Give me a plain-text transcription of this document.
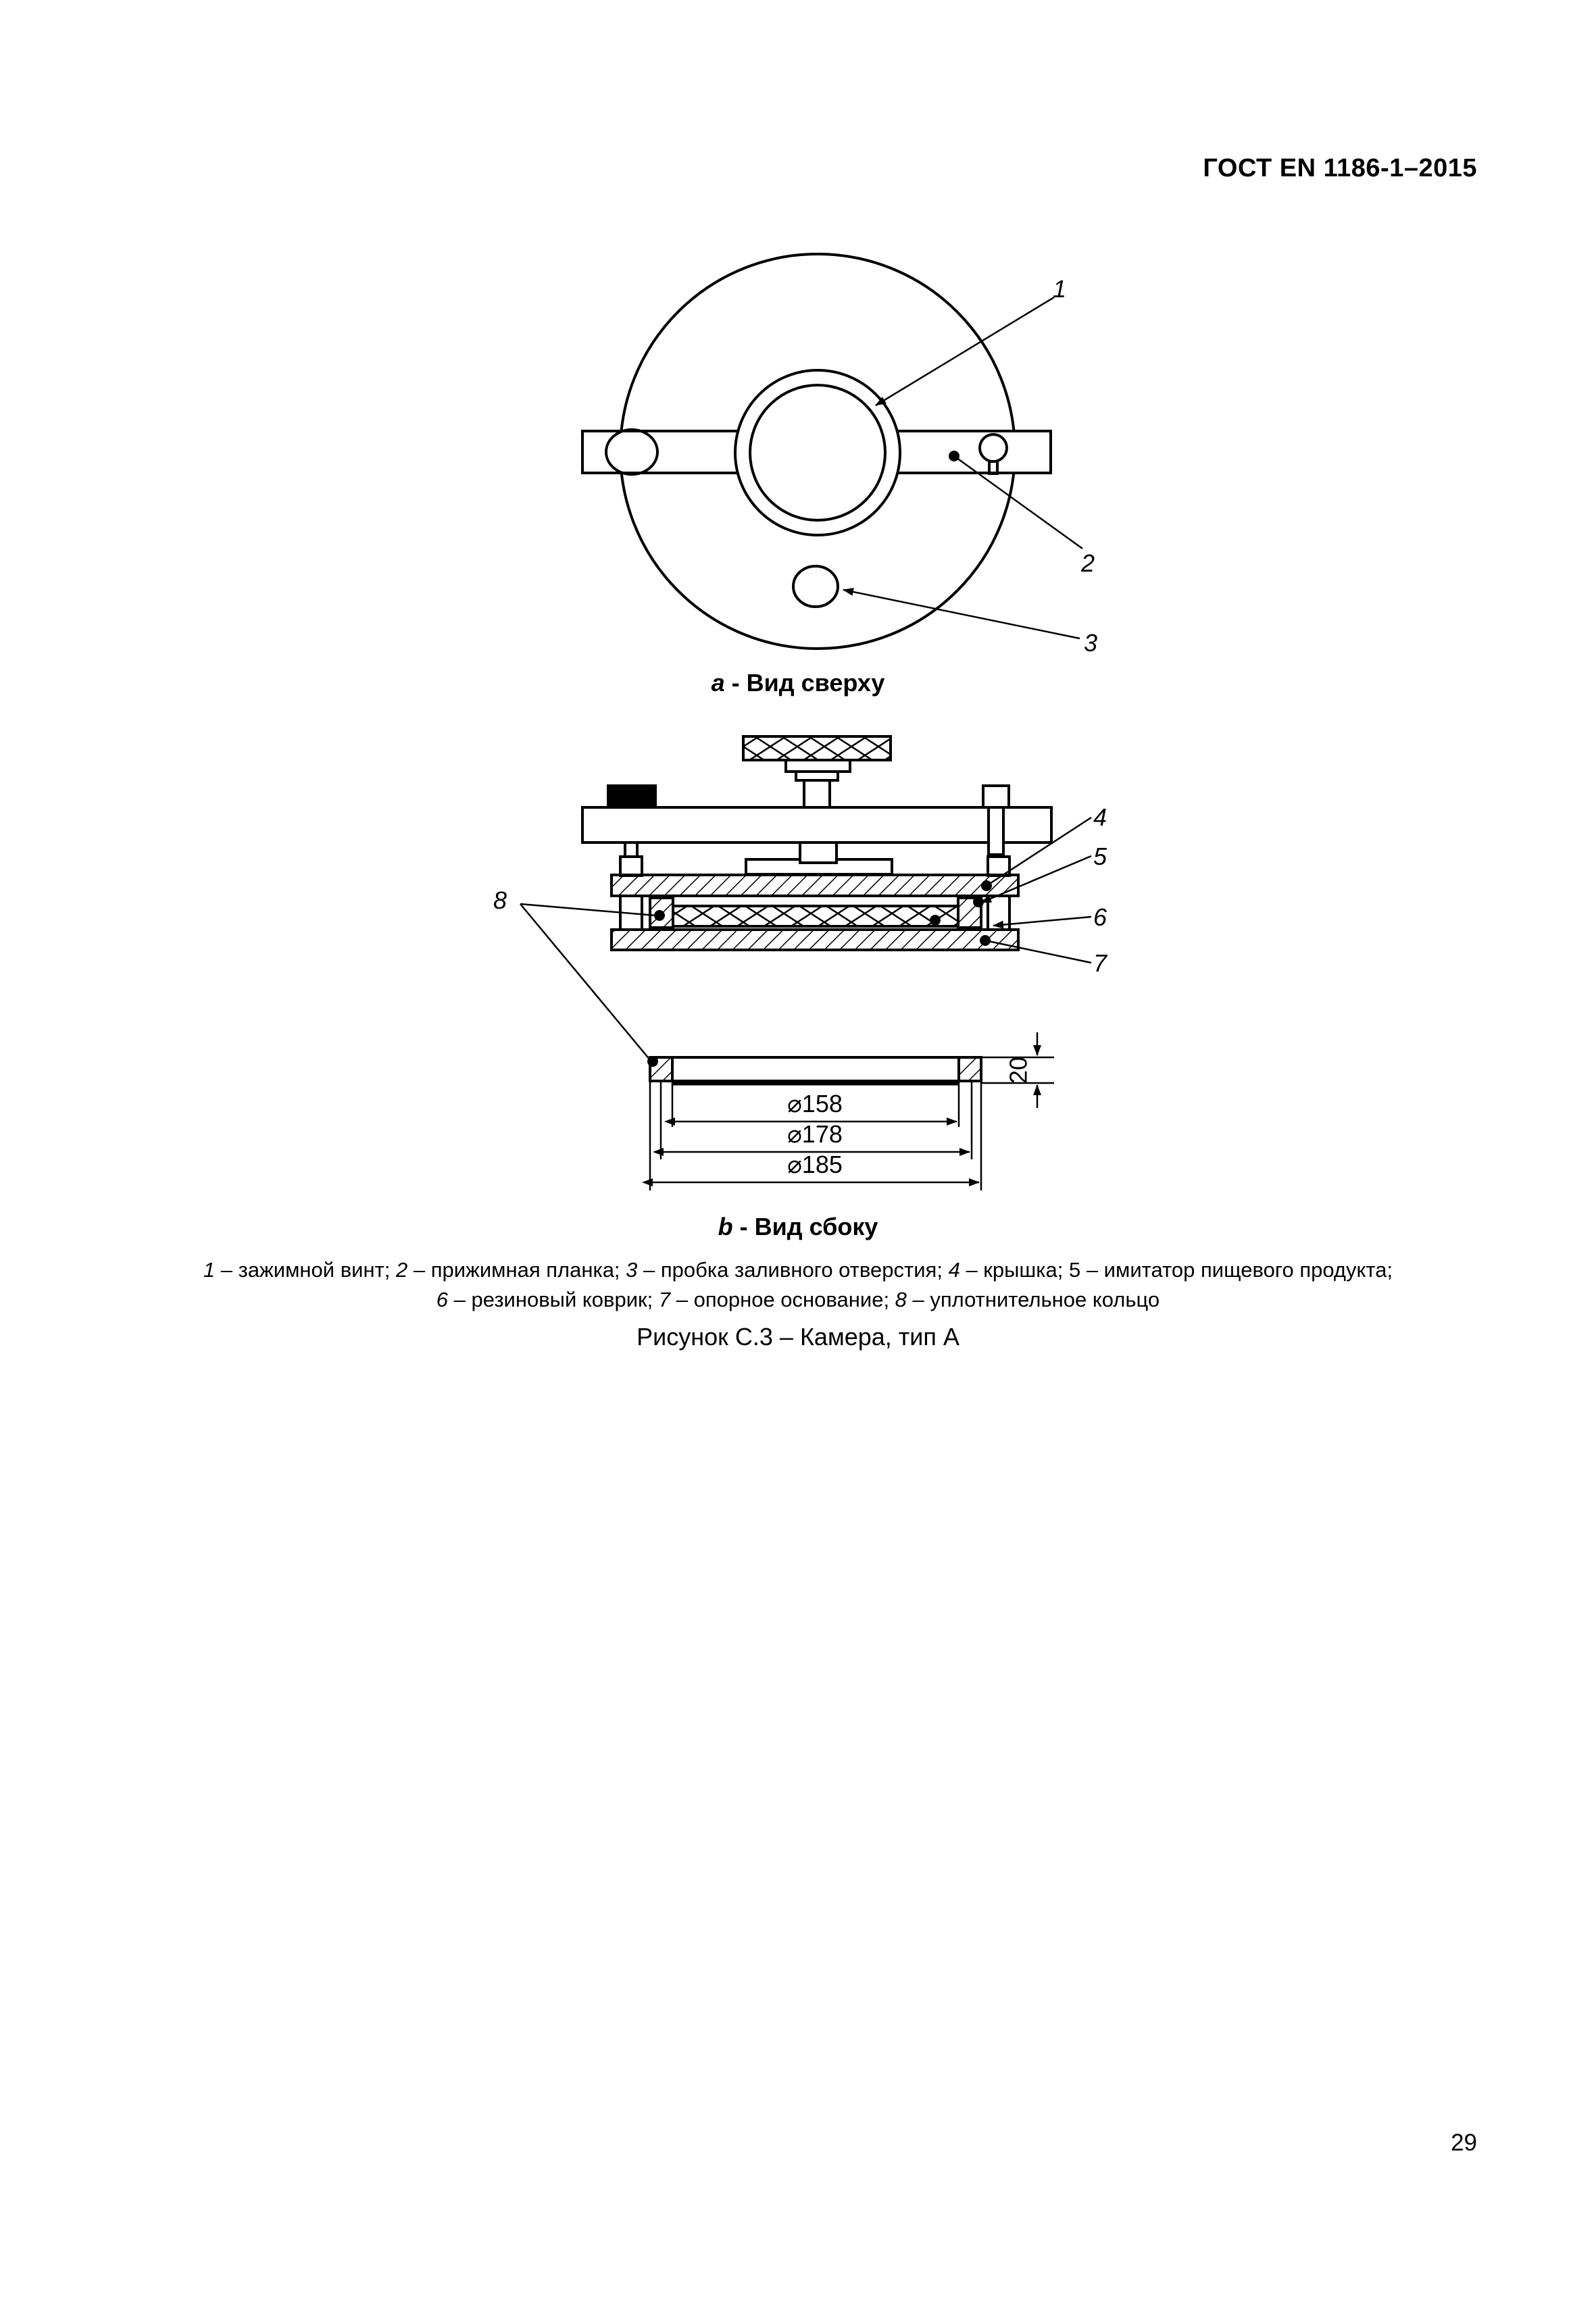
ГОСТ EN 1186-1–2015
1
2
3
4
5
6
7
8
⌀158
⌀178
⌀185
20
a - Вид сверху
b - Вид сбоку
1 – зажимной винт; 2 – прижимная планка; 3 – пробка заливного отверстия; 4 – крышка; 5 – имитатор пищевого продукта;
6 – резиновый коврик; 7 – опорное основание; 8 – уплотнительное кольцо
Рисунок С.3 – Камера, тип А
29
